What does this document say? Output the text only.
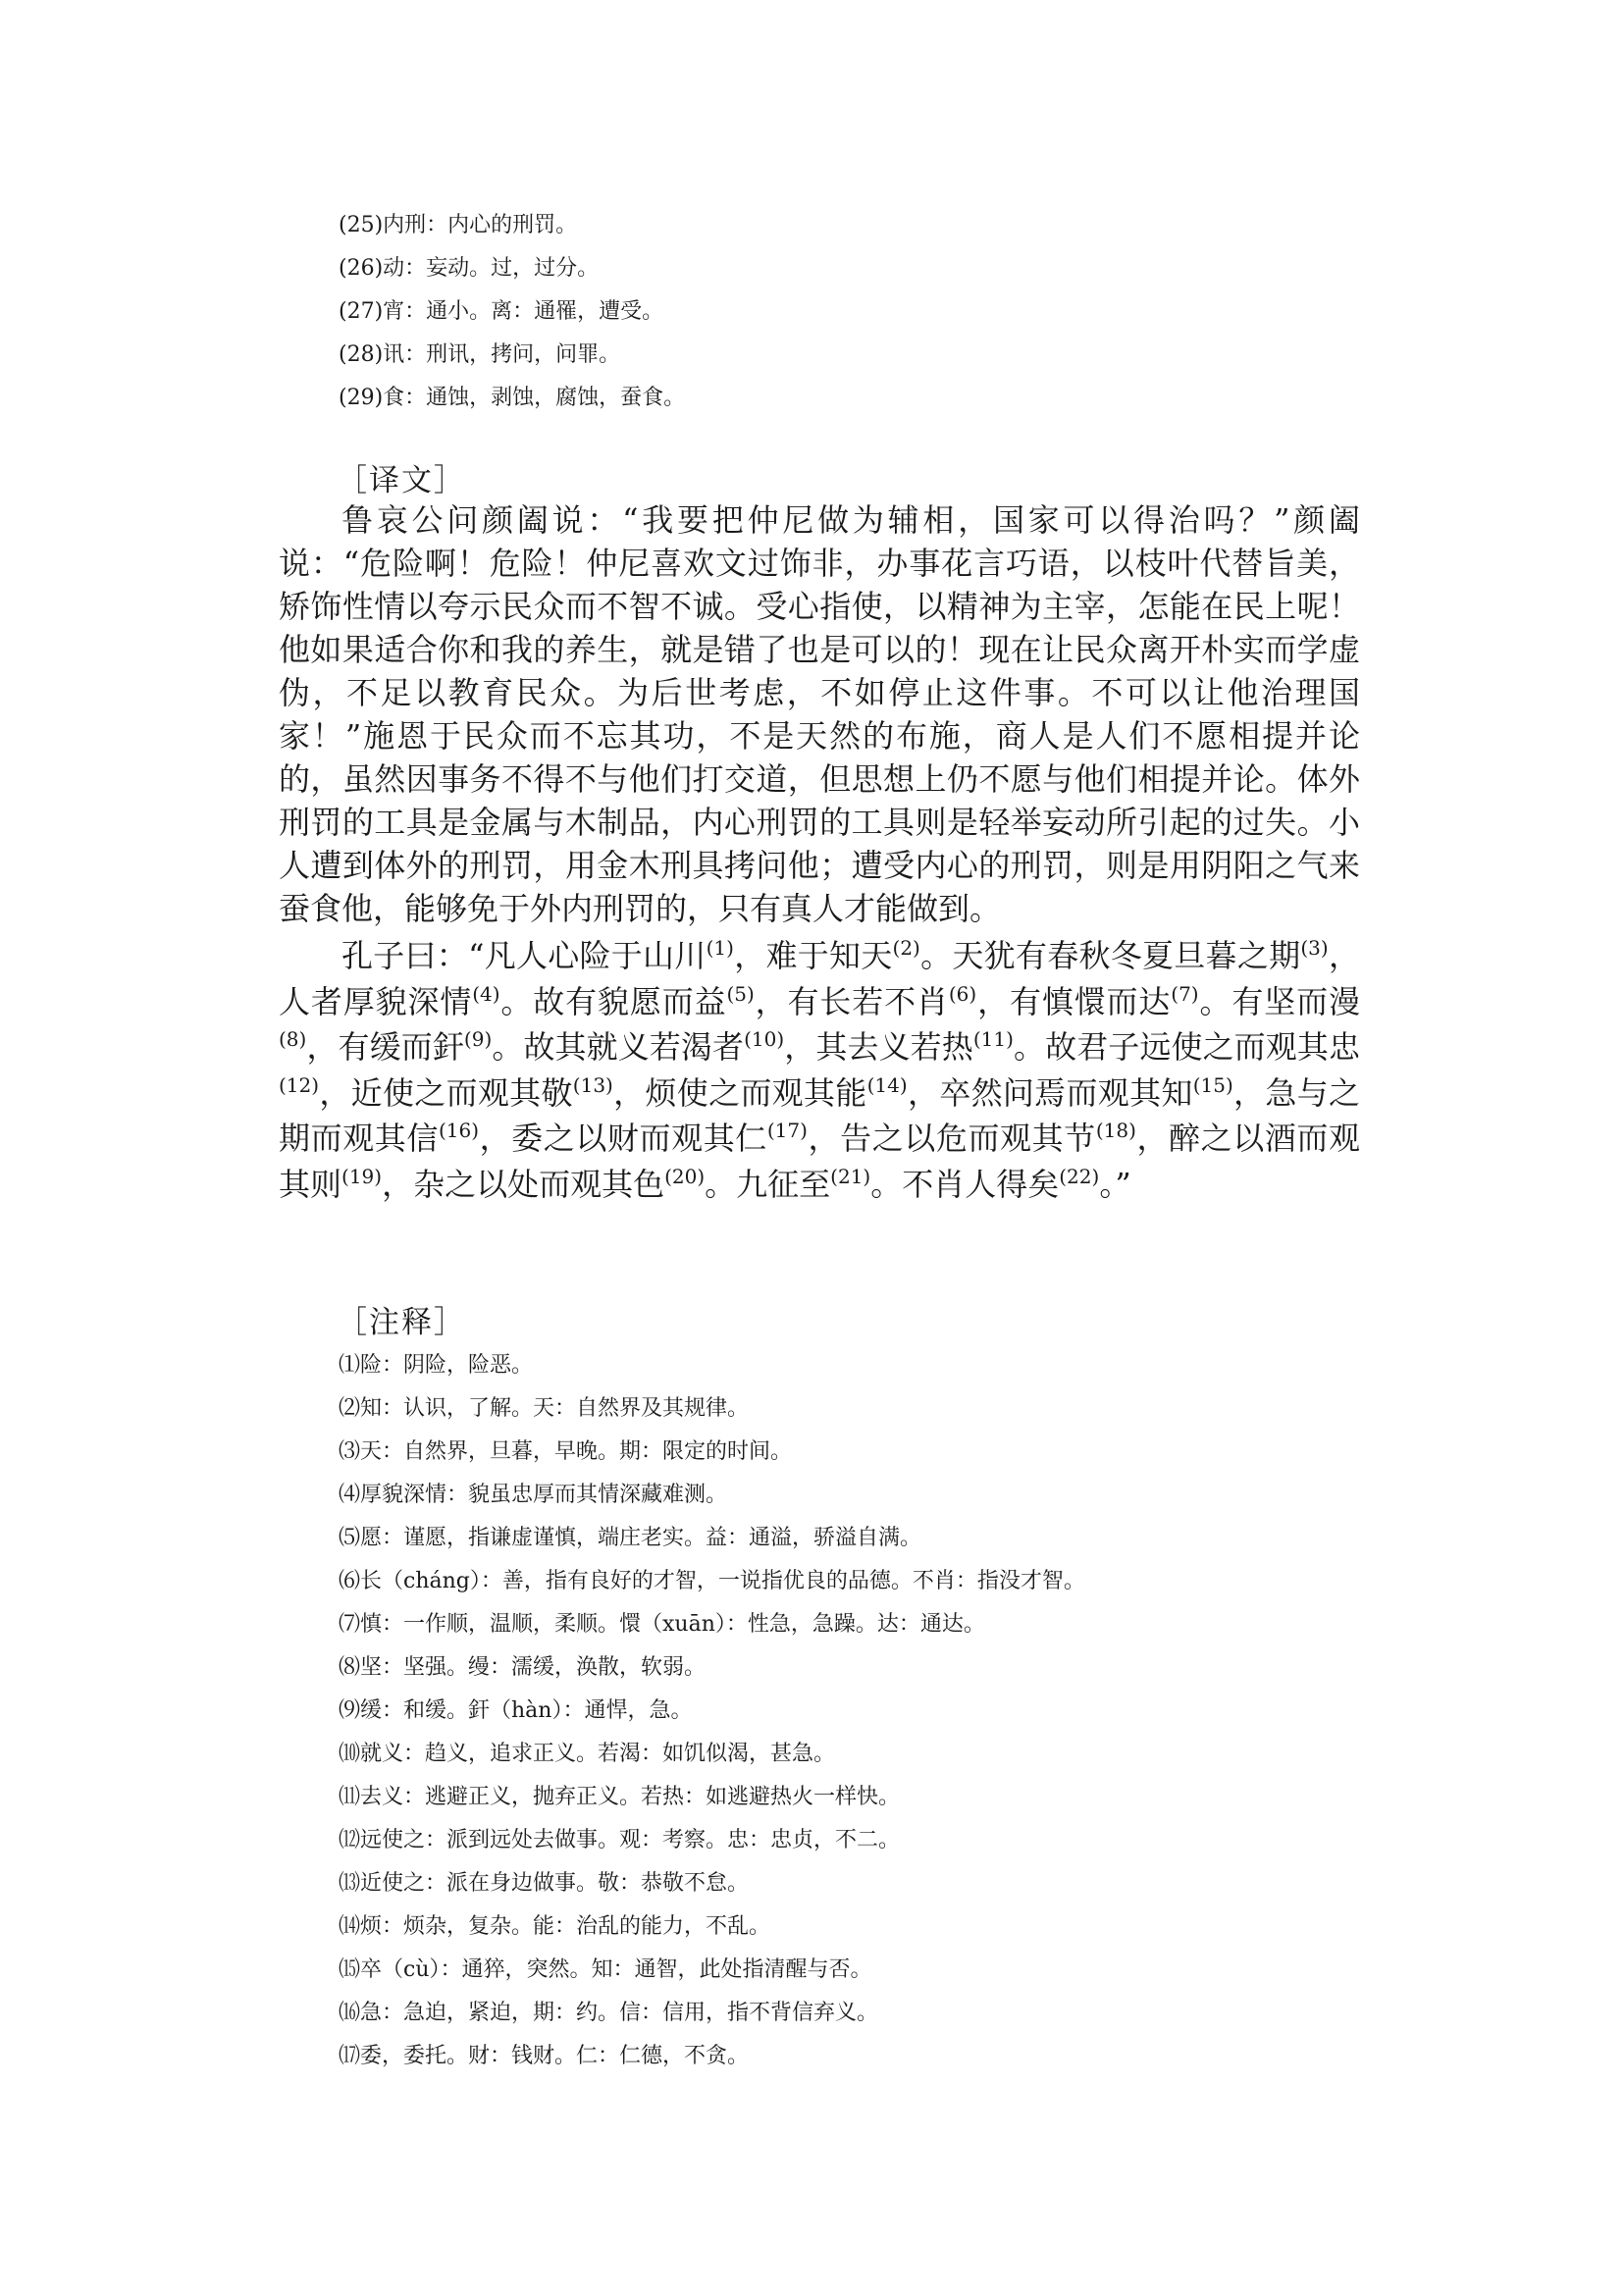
(25)内刑：内心的刑罚。
(26)动：妄动。过，过分。
(27)宵：通小。离：通罹，遭受。
(28)讯：刑讯，拷问，问罪。
(29)食：通蚀，剥蚀，腐蚀，蚕食。
［译文］

鲁哀公问颜阖说：“我要把仲尼做为辅相，国家可以得治吗？”颜阖说：“危险啊！危险！仲尼喜欢文过饰非，办事花言巧语，以枝叶代替旨美，矫饰性情以夸示民众而不智不诚。受心指使，以精神为主宰，怎能在民上呢！他如果适合你和我的养生，就是错了也是可以的！现在让民众离开朴实而学虚伪，不足以教育民众。为后世考虑，不如停止这件事。不可以让他治理国家！”施恩于民众而不忘其功，不是天然的布施，商人是人们不愿相提并论的，虽然因事务不得不与他们打交道，但思想上仍不愿与他们相提并论。体外刑罚的工具是金属与木制品，内心刑罚的工具则是轻举妄动所引起的过失。小人遭到体外的刑罚，用金木刑具拷问他；遭受内心的刑罚，则是用阴阳之气来蚕食他，能够免于外内刑罚的，只有真人才能做到。

孔子曰：“凡人心险于山川$^{(1)}$，难于知天$^{(2)}$。天犹有春秋冬夏旦暮之期$^{(3)}$，人者厚貌深情$^{(4)}$。故有貌愿而益$^{(5)}$，有长若不肖$^{(6)}$，有慎懁而达$^{(7)}$。有坚而漫$^{(8)}$，有缓而釬$^{(9)}$。故其就义若渴者$^{(10)}$，其去义若热$^{(11)}$。故君子远使之而观其忠$^{(12)}$，近使之而观其敬$^{(13)}$，烦使之而观其能$^{(14)}$，卒然问焉而观其知$^{(15)}$，急与之期而观其信$^{(16)}$，委之以财而观其仁$^{(17)}$，告之以危而观其节$^{(18)}$，醉之以酒而观其则$^{(19)}$，杂之以处而观其色$^{(20)}$。九征至$^{(21)}$。不肖人得矣$^{(22)}$。”

［注释］
⑴险：阴险，险恶。
⑵知：认识，了解。天：自然界及其规律。
⑶天：自然界，旦暮，早晚。期：限定的时间。
⑷厚貌深情：貌虽忠厚而其情深藏难测。
⑸愿：谨愿，指谦虚谨慎，端庄老实。益：通溢，骄溢自满。
⑹长（cháng）：善，指有良好的才智，一说指优良的品德。不肖：指没才智。
⑺慎：一作顺，温顺，柔顺。懁（xuān）：性急，急躁。达：通达。
⑻坚：坚强。缦：濡缓，涣散，软弱。
⑼缓：和缓。釬（hàn）：通悍，急。
⑽就义：趋义，追求正义。若渴：如饥似渴，甚急。
⑾去义：逃避正义，抛弃正义。若热：如逃避热火一样快。
⑿远使之：派到远处去做事。观：考察。忠：忠贞，不二。
⒀近使之：派在身边做事。敬：恭敬不怠。
⒁烦：烦杂，复杂。能：治乱的能力，不乱。
⒂卒（cù）：通猝，突然。知：通智，此处指清醒与否。
⒃急：急迫，紧迫，期：约。信：信用，指不背信弃义。
⒄委，委托。财：钱财。仁：仁德，不贪。
